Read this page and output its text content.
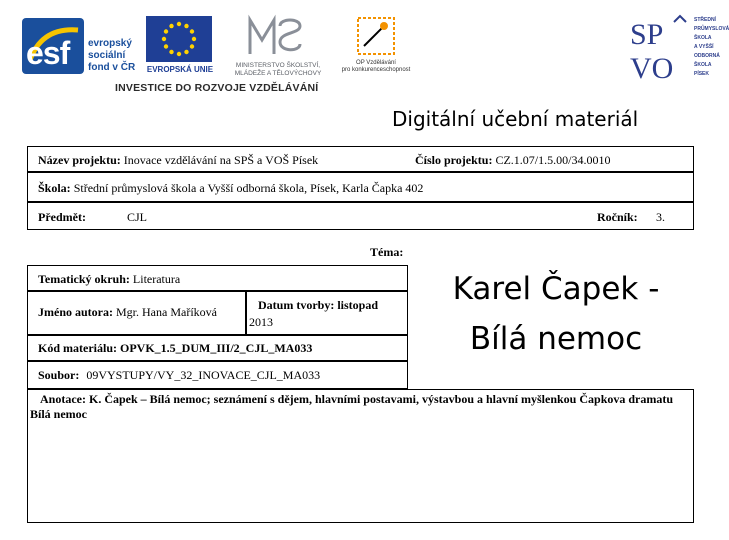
esf evropský
sociální
fond v ČR	EVROPSKÁ UNIE	MINISTERSTVO ŠKOLSTVÍ,
MLÁDEŽE A TĚLOVÝCHOVY
OP Vzdělávání
pro konkurenceschopnost
SP
VO
STŘEDNÍ
PRŮMYSLOVÁ
ŠKOLA
A VYŠŠÍ
ODBORNÁ
ŠKOLA
PÍSEK
INVESTICE DO ROZVOJE VZDĚLÁVÁNÍ
Digitální učební materiál
Název projektu: Inovace vzdělávání na SPŠ a VOŠ Písek	Číslo projektu: CZ.1.07/1.5.00/34.0010
Škola: Střední průmyslová škola a Vyšší odborná škola, Písek, Karla Čapka 402
Předmět:	CJL	Ročník: 3.
Téma:
Tematický okruh: Literatura
Jméno autora: Mgr. Hana Maříková	Datum tvorby: listopad
2013
Kód materiálu: OPVK_1.5_DUM_III/2_CJL_MA033
Soubor: 09VYSTUPY/VY_32_INOVACE_CJL_MA033
Karel Čapek -
Bílá nemoc
Anotace: K. Čapek – Bílá nemoc; seznámení s dějem, hlavními postavami, výstavbou a hlavní myšlenkou Čapkova dramatu Bílá nemoc
